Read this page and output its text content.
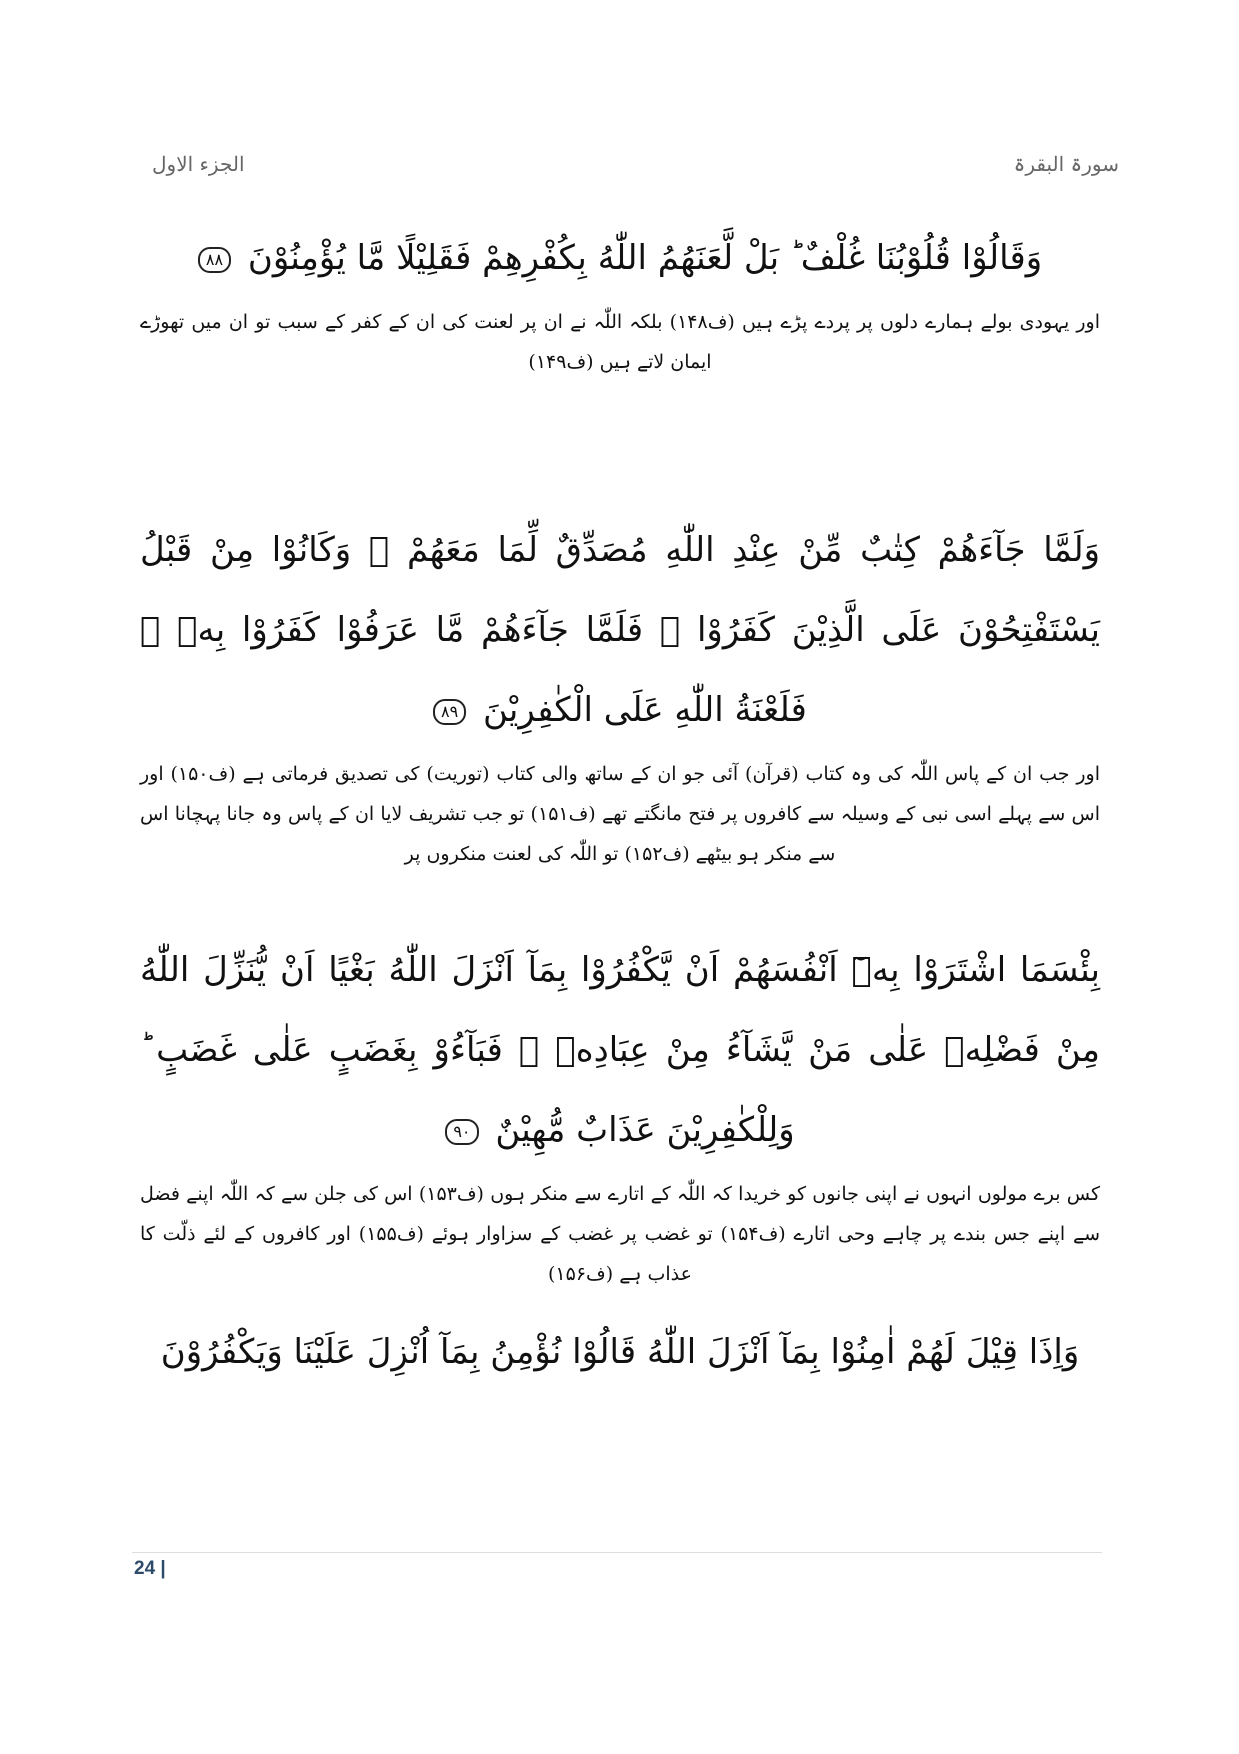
سورۃ البقرۃ
الجزء الاول
وَقَالُوْا قُلُوْبُنَا غُلْفٌ ؕ بَلْ لَّعَنَهُمُ اللّٰهُ بِكُفْرِهِمْ فَقَلِيْلًا مَّا يُؤْمِنُوْنَ ٨٨
اور یہودی بولے ہمارے دلوں پر پردے پڑے ہیں (ف۱۴۸) بلکہ اللّٰہ نے ان پر لعنت کی ان کے کفر کے سبب تو ان میں تھوڑے ایمان لاتے ہیں (ف۱۴۹)
وَلَمَّا جَآءَهُمْ كِتٰبٌ مِّنْ عِنْدِ اللّٰهِ مُصَدِّقٌ لِّمَا مَعَهُمْ ۙ وَكَانُوْا مِنْ قَبْلُ يَسْتَفْتِحُوْنَ عَلَى الَّذِيْنَ كَفَرُوْا ۚ فَلَمَّا جَآءَهُمْ مَّا عَرَفُوْا كَفَرُوْا بِهٖ ۫ فَلَعْنَةُ اللّٰهِ عَلَى الْكٰفِرِيْنَ ٨٩
اور جب ان کے پاس اللّٰہ کی وہ کتاب (قرآن) آئی جو ان کے ساتھ والی کتاب (توریت) کی تصدیق فرماتی ہے (ف۱۵۰) اور اس سے پہلے اسی نبی کے وسیلہ سے کافروں پر فتح مانگتے تھے (ف۱۵۱) تو جب تشریف لایا ان کے پاس وہ جانا پہچانا اس سے منکر ہو بیٹھے (ف۱۵۲) تو اللّٰہ کی لعنت منکروں پر
بِئْسَمَا اشْتَرَوْا بِهٖٓ اَنْفُسَهُمْ اَنْ يَّكْفُرُوْا بِمَآ اَنْزَلَ اللّٰهُ بَغْيًا اَنْ يُّنَزِّلَ اللّٰهُ مِنْ فَضْلِهٖ عَلٰى مَنْ يَّشَآءُ مِنْ عِبَادِهٖ ۚ فَبَآءُوْ بِغَضَبٍ عَلٰى غَضَبٍ ؕ وَلِلْكٰفِرِيْنَ عَذَابٌ مُّهِيْنٌ ٩٠
کس برے مولوں انہوں نے اپنی جانوں کو خریدا کہ اللّٰہ کے اتارے سے منکر ہوں (ف۱۵۳) اس کی جلن سے کہ اللّٰہ اپنے فضل سے اپنے جس بندے پر چاہے وحی اتارے (ف۱۵۴) تو غضب پر غضب کے سزاوار ہوئے (ف۱۵۵) اور کافروں کے لئے ذلّت کا عذاب ہے (ف۱۵۶)
وَاِذَا قِيْلَ لَهُمْ اٰمِنُوْا بِمَآ اَنْزَلَ اللّٰهُ قَالُوْا نُؤْمِنُ بِمَآ اُنْزِلَ عَلَيْنَا وَيَكْفُرُوْنَ
24 |
